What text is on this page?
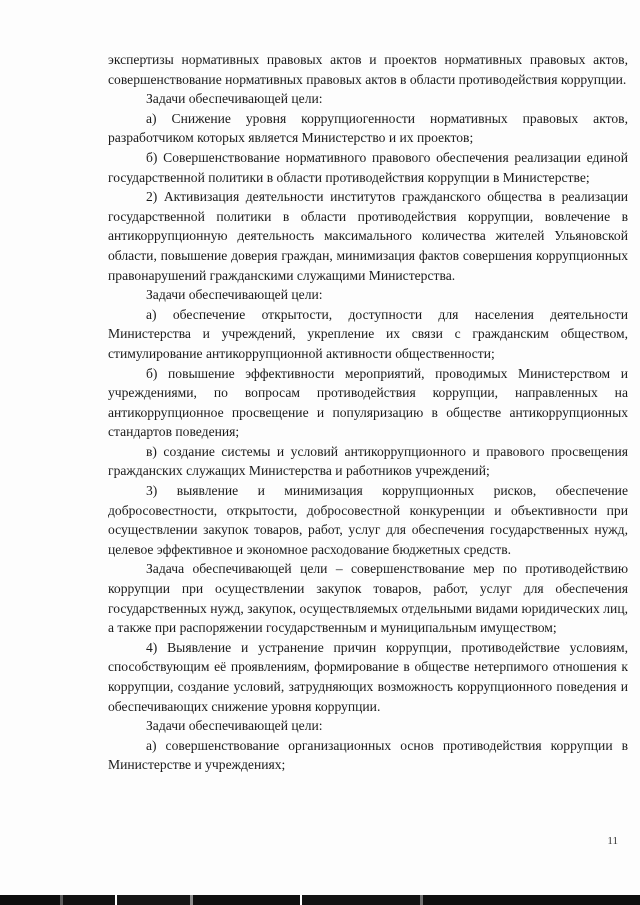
экспертизы нормативных правовых актов и проектов нормативных правовых актов, совершенствование нормативных правовых актов в области противодействия коррупции.

Задачи обеспечивающей цели:

а) Снижение уровня коррупциогенности нормативных правовых актов, разработчиком которых является Министерство и их проектов;

б) Совершенствование нормативного правового обеспечения реализации единой государственной политики в области противодействия коррупции в Министерстве;

2) Активизация деятельности институтов гражданского общества в реализации государственной политики в области противодействия коррупции, вовлечение в антикоррупционную деятельность максимального количества жителей Ульяновской области, повышение доверия граждан, минимизация фактов совершения коррупционных правонарушений гражданскими служащими Министерства.

Задачи обеспечивающей цели:

а) обеспечение открытости, доступности для населения деятельности Министерства и учреждений, укрепление их связи с гражданским обществом, стимулирование антикоррупционной активности общественности;

б) повышение эффективности мероприятий, проводимых Министерством и учреждениями, по вопросам противодействия коррупции, направленных на антикоррупционное просвещение и популяризацию в обществе антикоррупционных стандартов поведения;

в) создание системы и условий антикоррупционного и правового просвещения гражданских служащих Министерства и работников учреждений;

3) выявление и минимизация коррупционных рисков, обеспечение добросовестности, открытости, добросовестной конкуренции и объективности при осуществлении закупок товаров, работ, услуг для обеспечения государственных нужд, целевое эффективное и экономное расходование бюджетных средств.

Задача обеспечивающей цели – совершенствование мер по противодействию коррупции при осуществлении закупок товаров, работ, услуг для обеспечения государственных нужд, закупок, осуществляемых отдельными видами юридических лиц, а также при распоряжении государственным и муниципальным имуществом;

4) Выявление и устранение причин коррупции, противодействие условиям, способствующим её проявлениям, формирование в обществе нетерпимого отношения к коррупции, создание условий, затрудняющих возможность коррупционного поведения и обеспечивающих снижение уровня коррупции.

Задачи обеспечивающей цели:

а) совершенствование организационных основ противодействия коррупции в Министерстве и учреждениях;

11
